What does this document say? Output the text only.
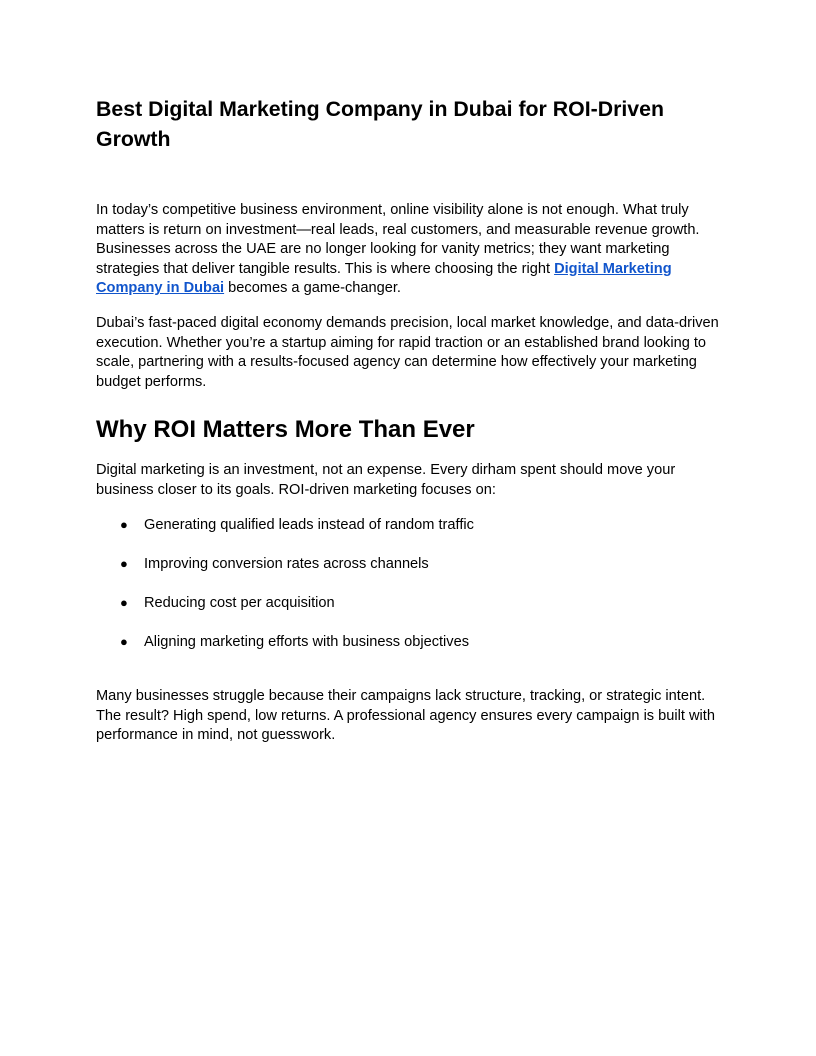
Best Digital Marketing Company in Dubai for ROI-Driven Growth

In today’s competitive business environment, online visibility alone is not enough. What truly matters is return on investment—real leads, real customers, and measurable revenue growth. Businesses across the UAE are no longer looking for vanity metrics; they want marketing strategies that deliver tangible results. This is where choosing the right Digital Marketing Company in Dubai becomes a game-changer.

Dubai’s fast-paced digital economy demands precision, local market knowledge, and data-driven execution. Whether you’re a startup aiming for rapid traction or an established brand looking to scale, partnering with a results-focused agency can determine how effectively your marketing budget performs.

Why ROI Matters More Than Ever

Digital marketing is an investment, not an expense. Every dirham spent should move your business closer to its goals. ROI-driven marketing focuses on:

● Generating qualified leads instead of random traffic
● Improving conversion rates across channels
● Reducing cost per acquisition
● Aligning marketing efforts with business objectives

Many businesses struggle because their campaigns lack structure, tracking, or strategic intent. The result? High spend, low returns. A professional agency ensures every campaign is built with performance in mind, not guesswork.
